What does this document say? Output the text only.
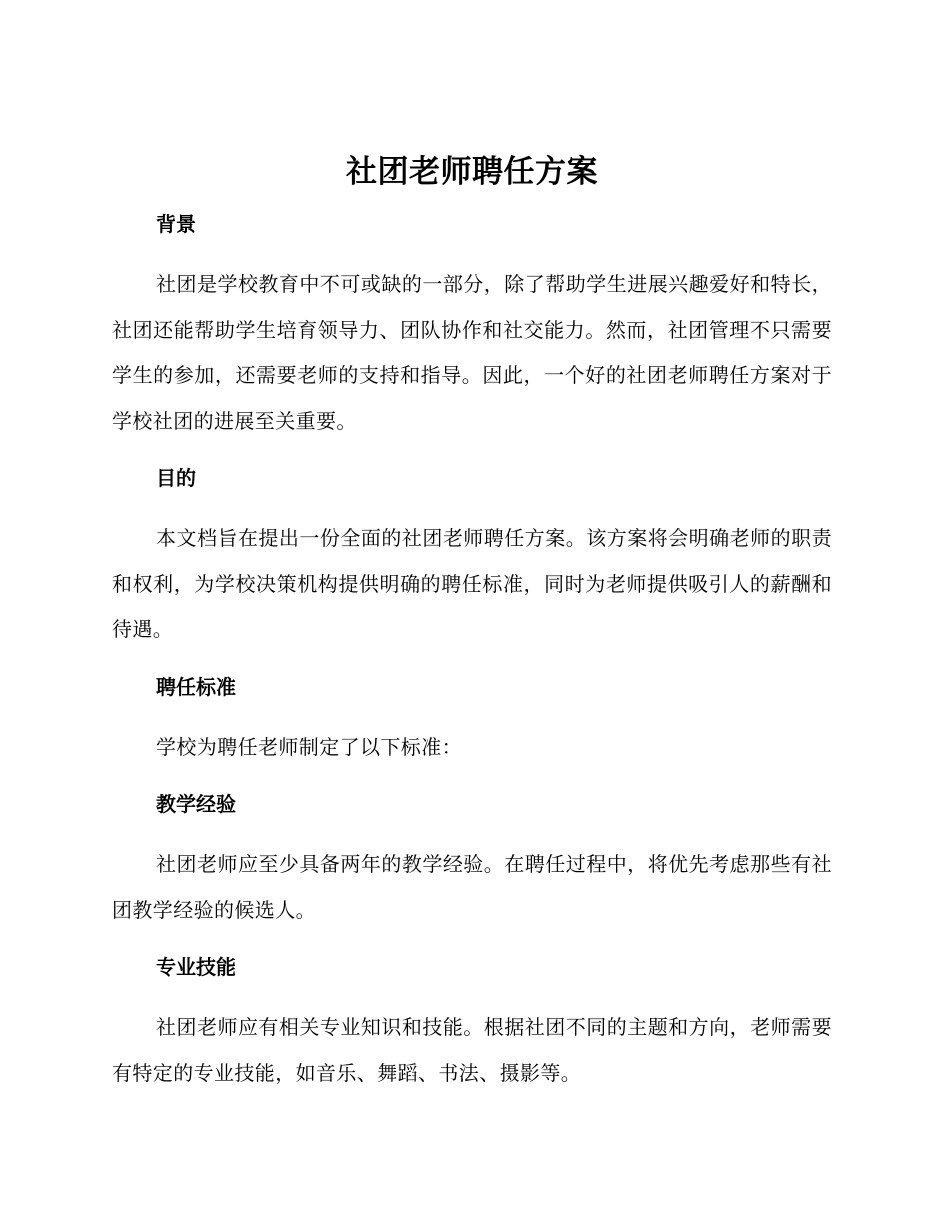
社团老师聘任方案
背景

社团是学校教育中不可或缺的一部分，除了帮助学生进展兴趣爱好和特长，社团还能帮助学生培育领导力、团队协作和社交能力。然而，社团管理不只需要学生的参加，还需要老师的支持和指导。因此，一个好的社团老师聘任方案对于学校社团的进展至关重要。

目的

本文档旨在提出一份全面的社团老师聘任方案。该方案将会明确老师的职责和权利，为学校决策机构提供明确的聘任标准，同时为老师提供吸引人的薪酬和待遇。

聘任标准

学校为聘任老师制定了以下标准：

教学经验

社团老师应至少具备两年的教学经验。在聘任过程中，将优先考虑那些有社团教学经验的候选人。

专业技能

社团老师应有相关专业知识和技能。根据社团不同的主题和方向，老师需要有特定的专业技能，如音乐、舞蹈、书法、摄影等。
